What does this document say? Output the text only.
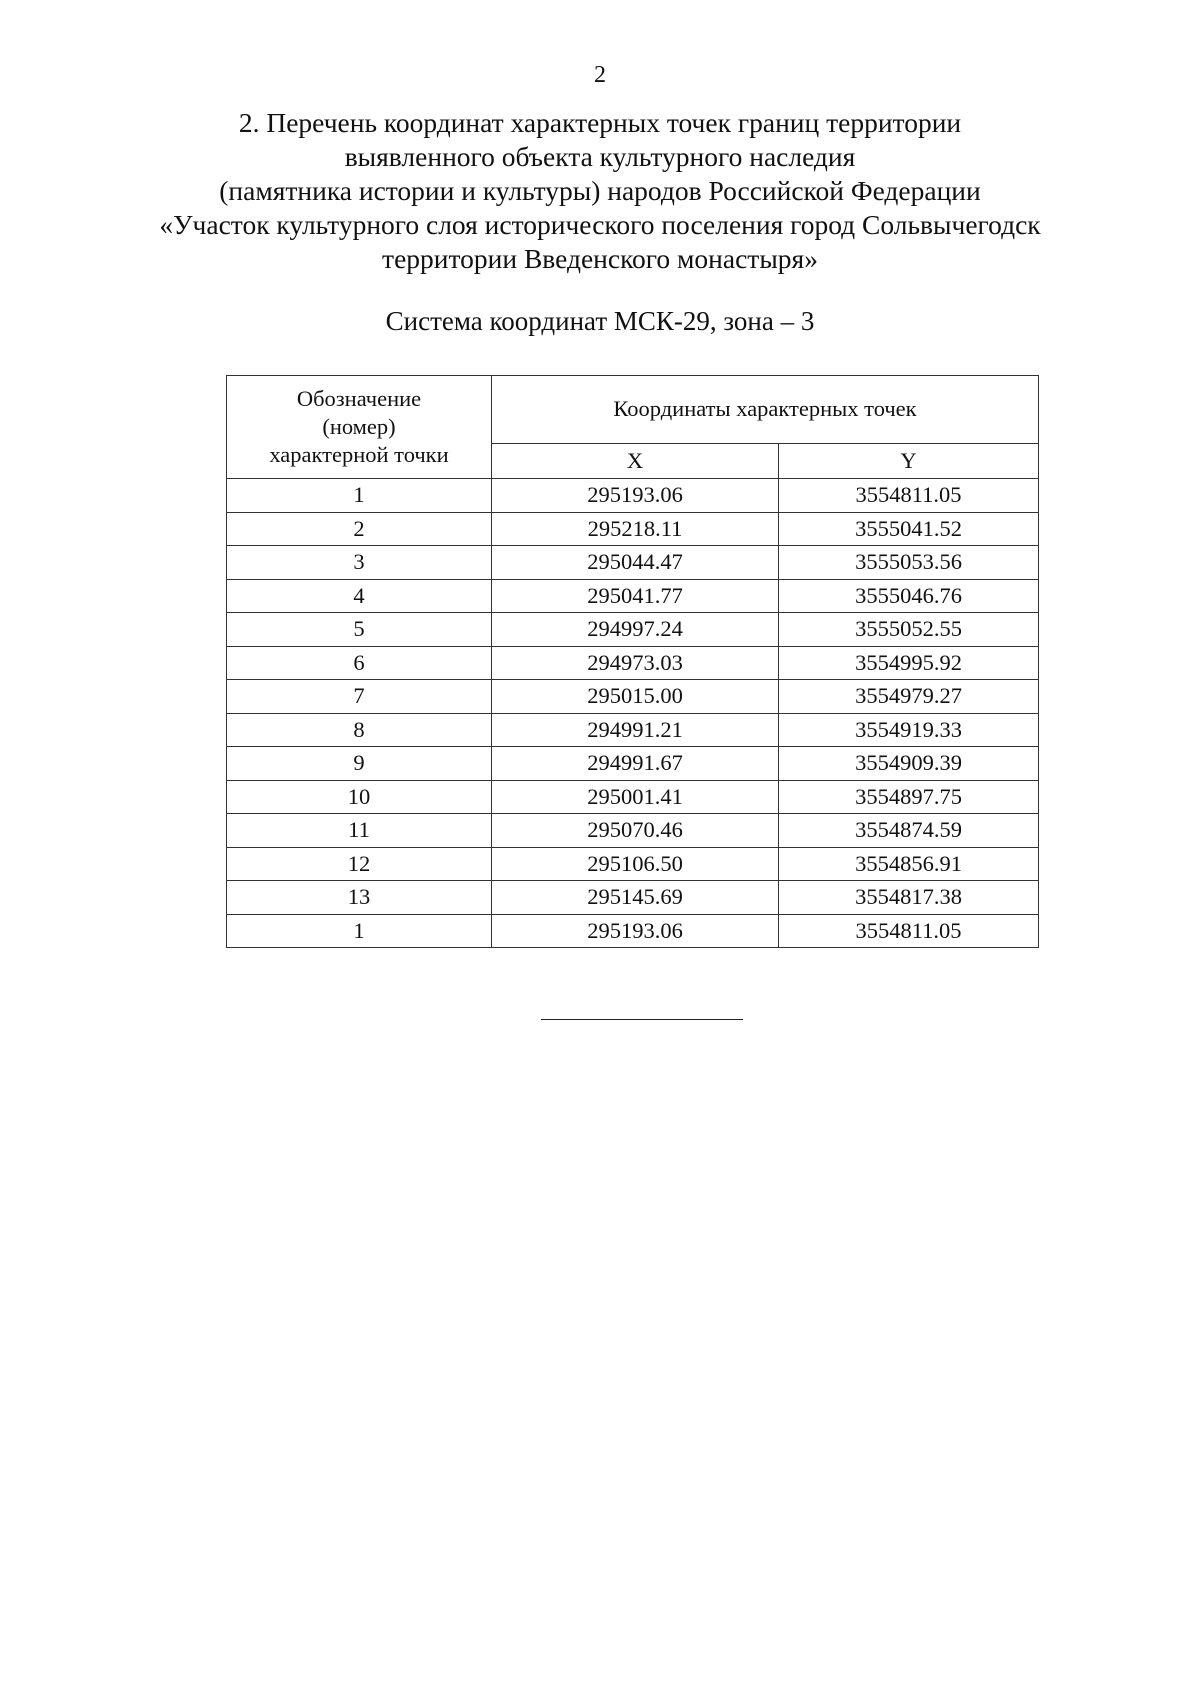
2
2. Перечень координат характерных точек границ территории
выявленного объекта культурного наследия
(памятника истории и культуры) народов Российской Федерации
«Участок культурного слоя исторического поселения город Сольвычегодск
территории Введенского монастыря»
Система координат МСК-29, зона – 3
Обозначение
(номер)
характерной точки	Координаты характерных точек	
	X	Y
1	295193.06	3554811.05
2	295218.11	3555041.52
3	295044.47	3555053.56
4	295041.77	3555046.76
5	294997.24	3555052.55
6	294973.03	3554995.92
7	295015.00	3554979.27
8	294991.21	3554919.33
9	294991.67	3554909.39
10	295001.41	3554897.75
11	295070.46	3554874.59
12	295106.50	3554856.91
13	295145.69	3554817.38
1	295193.06	3554811.05
